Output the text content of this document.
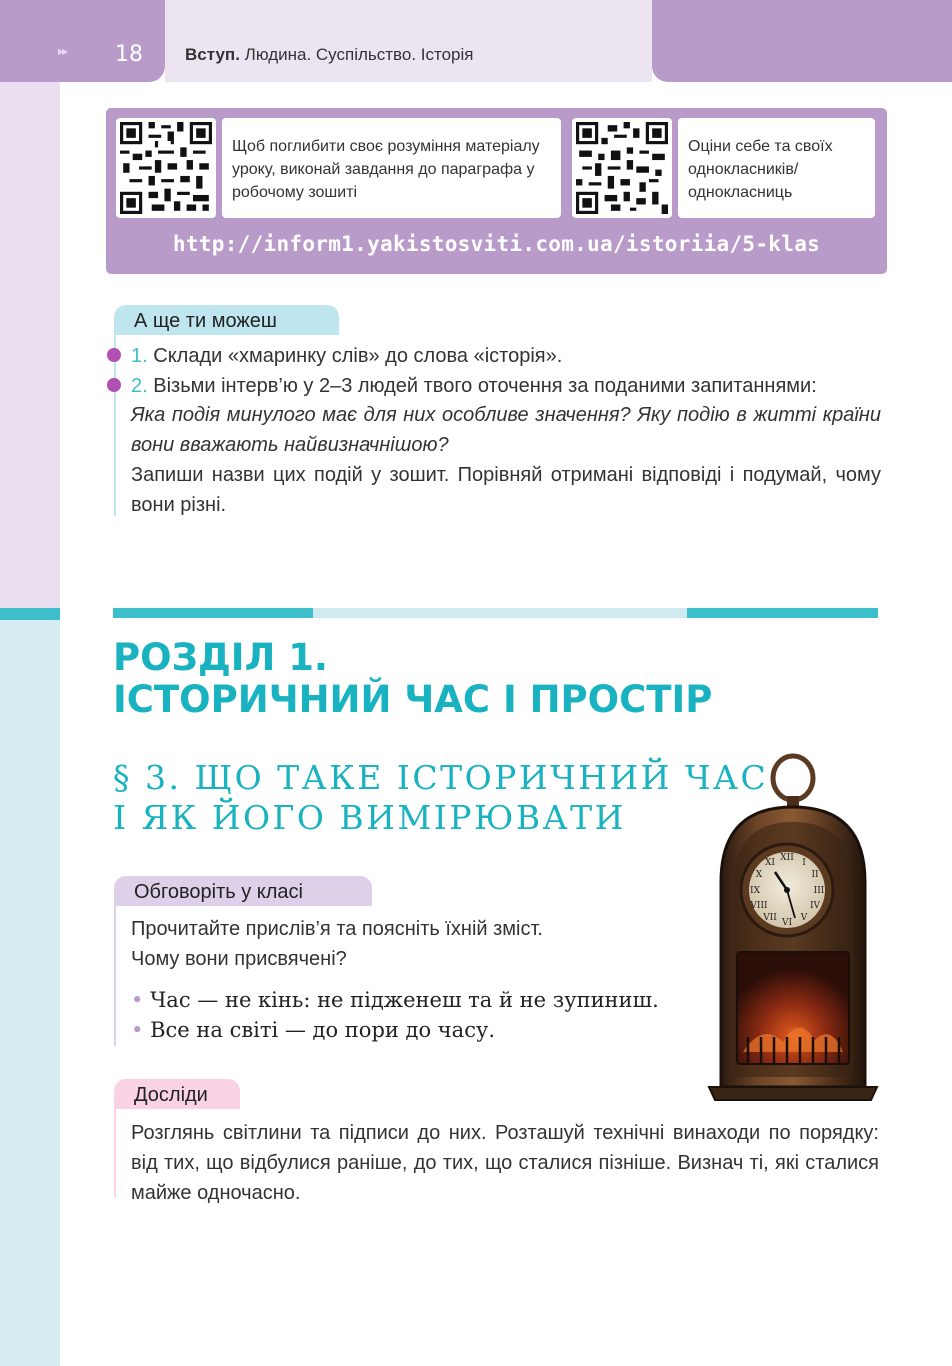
▸▸ 18 Вступ. Людина. Суспільство. Історія
Щоб поглибити своє розуміння матеріалу уроку, виконай завдання до параграфа у робочому зошиті
Оціни себе та своїх однокласників/ однокласниць
http://inform1.yakistosviti.com.ua/istoriia/5-klas
А ще ти можеш
1. Склади «хмаринку слів» до слова «історія».
2. Візьми інтерв’ю у 2–3 людей твого оточення за поданими запитаннями:
Яка подія минулого має для них особливе значення? Яку подію в житті країни вони вважають найвизначнішою?
Запиши назви цих подій у зошит. Порівняй отримані відповіді і подумай, чому вони різні.
РОЗДІЛ 1.
ІСТОРИЧНИЙ ЧАС І ПРОСТІР
§ 3. ЩО ТАКЕ ІСТОРИЧНИЙ ЧАС
І ЯК ЙОГО ВИМІРЮВАТИ
Обговоріть у класі
Прочитайте прислів’я та поясніть їхній зміст.
Чому вони присвячені?
• Час — не кінь: не підженеш та й не зупиниш.
• Все на світі — до пори до часу.
XII I
II
III
IV
V
VI
VII
VIII
IX
X
XI
Досліди
Розглянь світлини та підписи до них. Розташуй технічні винаходи по порядку: від тих, що відбулися раніше, до тих, що сталися пізніше. Визнач ті, які сталися майже одночасно.
